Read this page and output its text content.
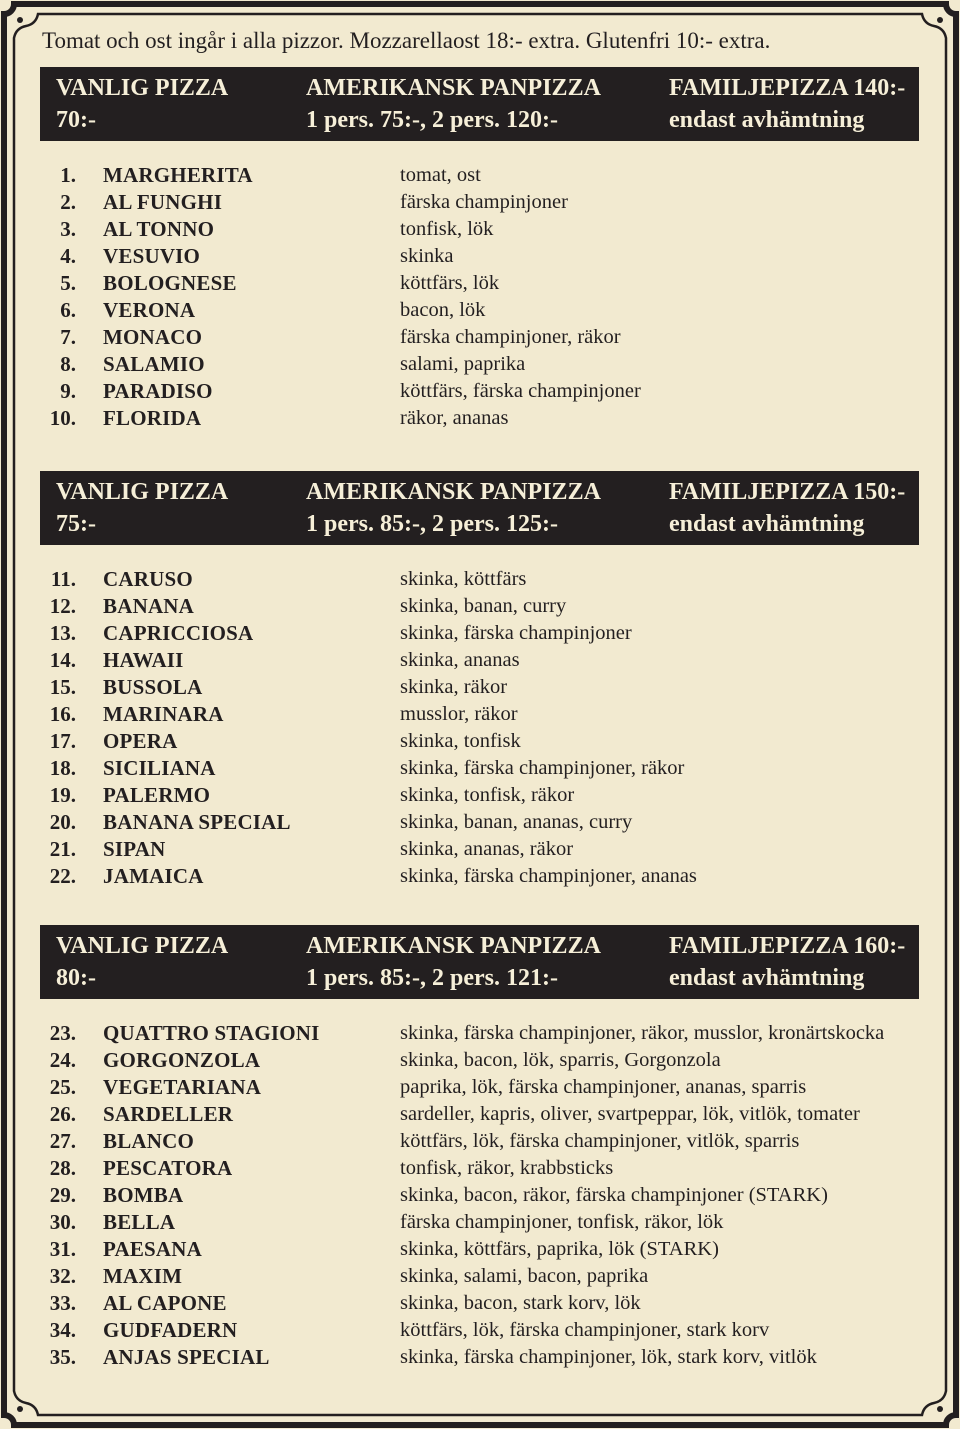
Tomat och ost ingår i alla pizzor. Mozzarellaost 18:- extra. Glutenfri 10:- extra.
VANLIG PIZZA
70:-
AMERIKANSK PANPIZZA
1 pers. 75:-, 2 pers. 120:-
FAMILJEPIZZA 140:-
endast avhämtning
1. MARGHERITA	tomat, ost
2. AL FUNGHI	färska champinjoner
3. AL TONNO	tonfisk, lök
4. VESUVIO	skinka
5. BOLOGNESE	köttfärs, lök
6. VERONA	bacon, lök
7. MONACO	färska champinjoner, räkor
8. SALAMIO	salami, paprika
9. PARADISO	köttfärs, färska champinjoner
10. FLORIDA	räkor, ananas
VANLIG PIZZA
75:-
AMERIKANSK PANPIZZA
1 pers. 85:-, 2 pers. 125:-
FAMILJEPIZZA 150:-
endast avhämtning
11. CARUSO	skinka, köttfärs
12. BANANA	skinka, banan, curry
13. CAPRICCIOSA	skinka, färska champinjoner
14. HAWAII	skinka, ananas
15. BUSSOLA	skinka, räkor
16. MARINARA	musslor, räkor
17. OPERA	skinka, tonfisk
18. SICILIANA	skinka, färska champinjoner, räkor
19. PALERMO	skinka, tonfisk, räkor
20. BANANA SPECIAL	skinka, banan, ananas, curry
21. SIPAN	skinka, ananas, räkor
22. JAMAICA	skinka, färska champinjoner, ananas
VANLIG PIZZA
80:-
AMERIKANSK PANPIZZA
1 pers. 85:-, 2 pers. 121:-
FAMILJEPIZZA 160:-
endast avhämtning
23. QUATTRO STAGIONI	skinka, färska champinjoner, räkor, musslor, kronärtskocka
24. GORGONZOLA	skinka, bacon, lök, sparris, Gorgonzola
25. VEGETARIANA	paprika, lök, färska champinjoner, ananas, sparris
26. SARDELLER	sardeller, kapris, oliver, svartpeppar, lök, vitlök, tomater
27. BLANCO	köttfärs, lök, färska champinjoner, vitlök, sparris
28. PESCATORA	tonfisk, räkor, krabbsticks
29. BOMBA	skinka, bacon, räkor, färska champinjoner (STARK)
30. BELLA	färska champinjoner, tonfisk, räkor, lök
31. PAESANA	skinka, köttfärs, paprika, lök (STARK)
32. MAXIM	skinka, salami, bacon, paprika
33. AL CAPONE	skinka, bacon, stark korv, lök
34. GUDFADERN	köttfärs, lök, färska champinjoner, stark korv
35. ANJAS SPECIAL	skinka, färska champinjoner, lök, stark korv, vitlök
